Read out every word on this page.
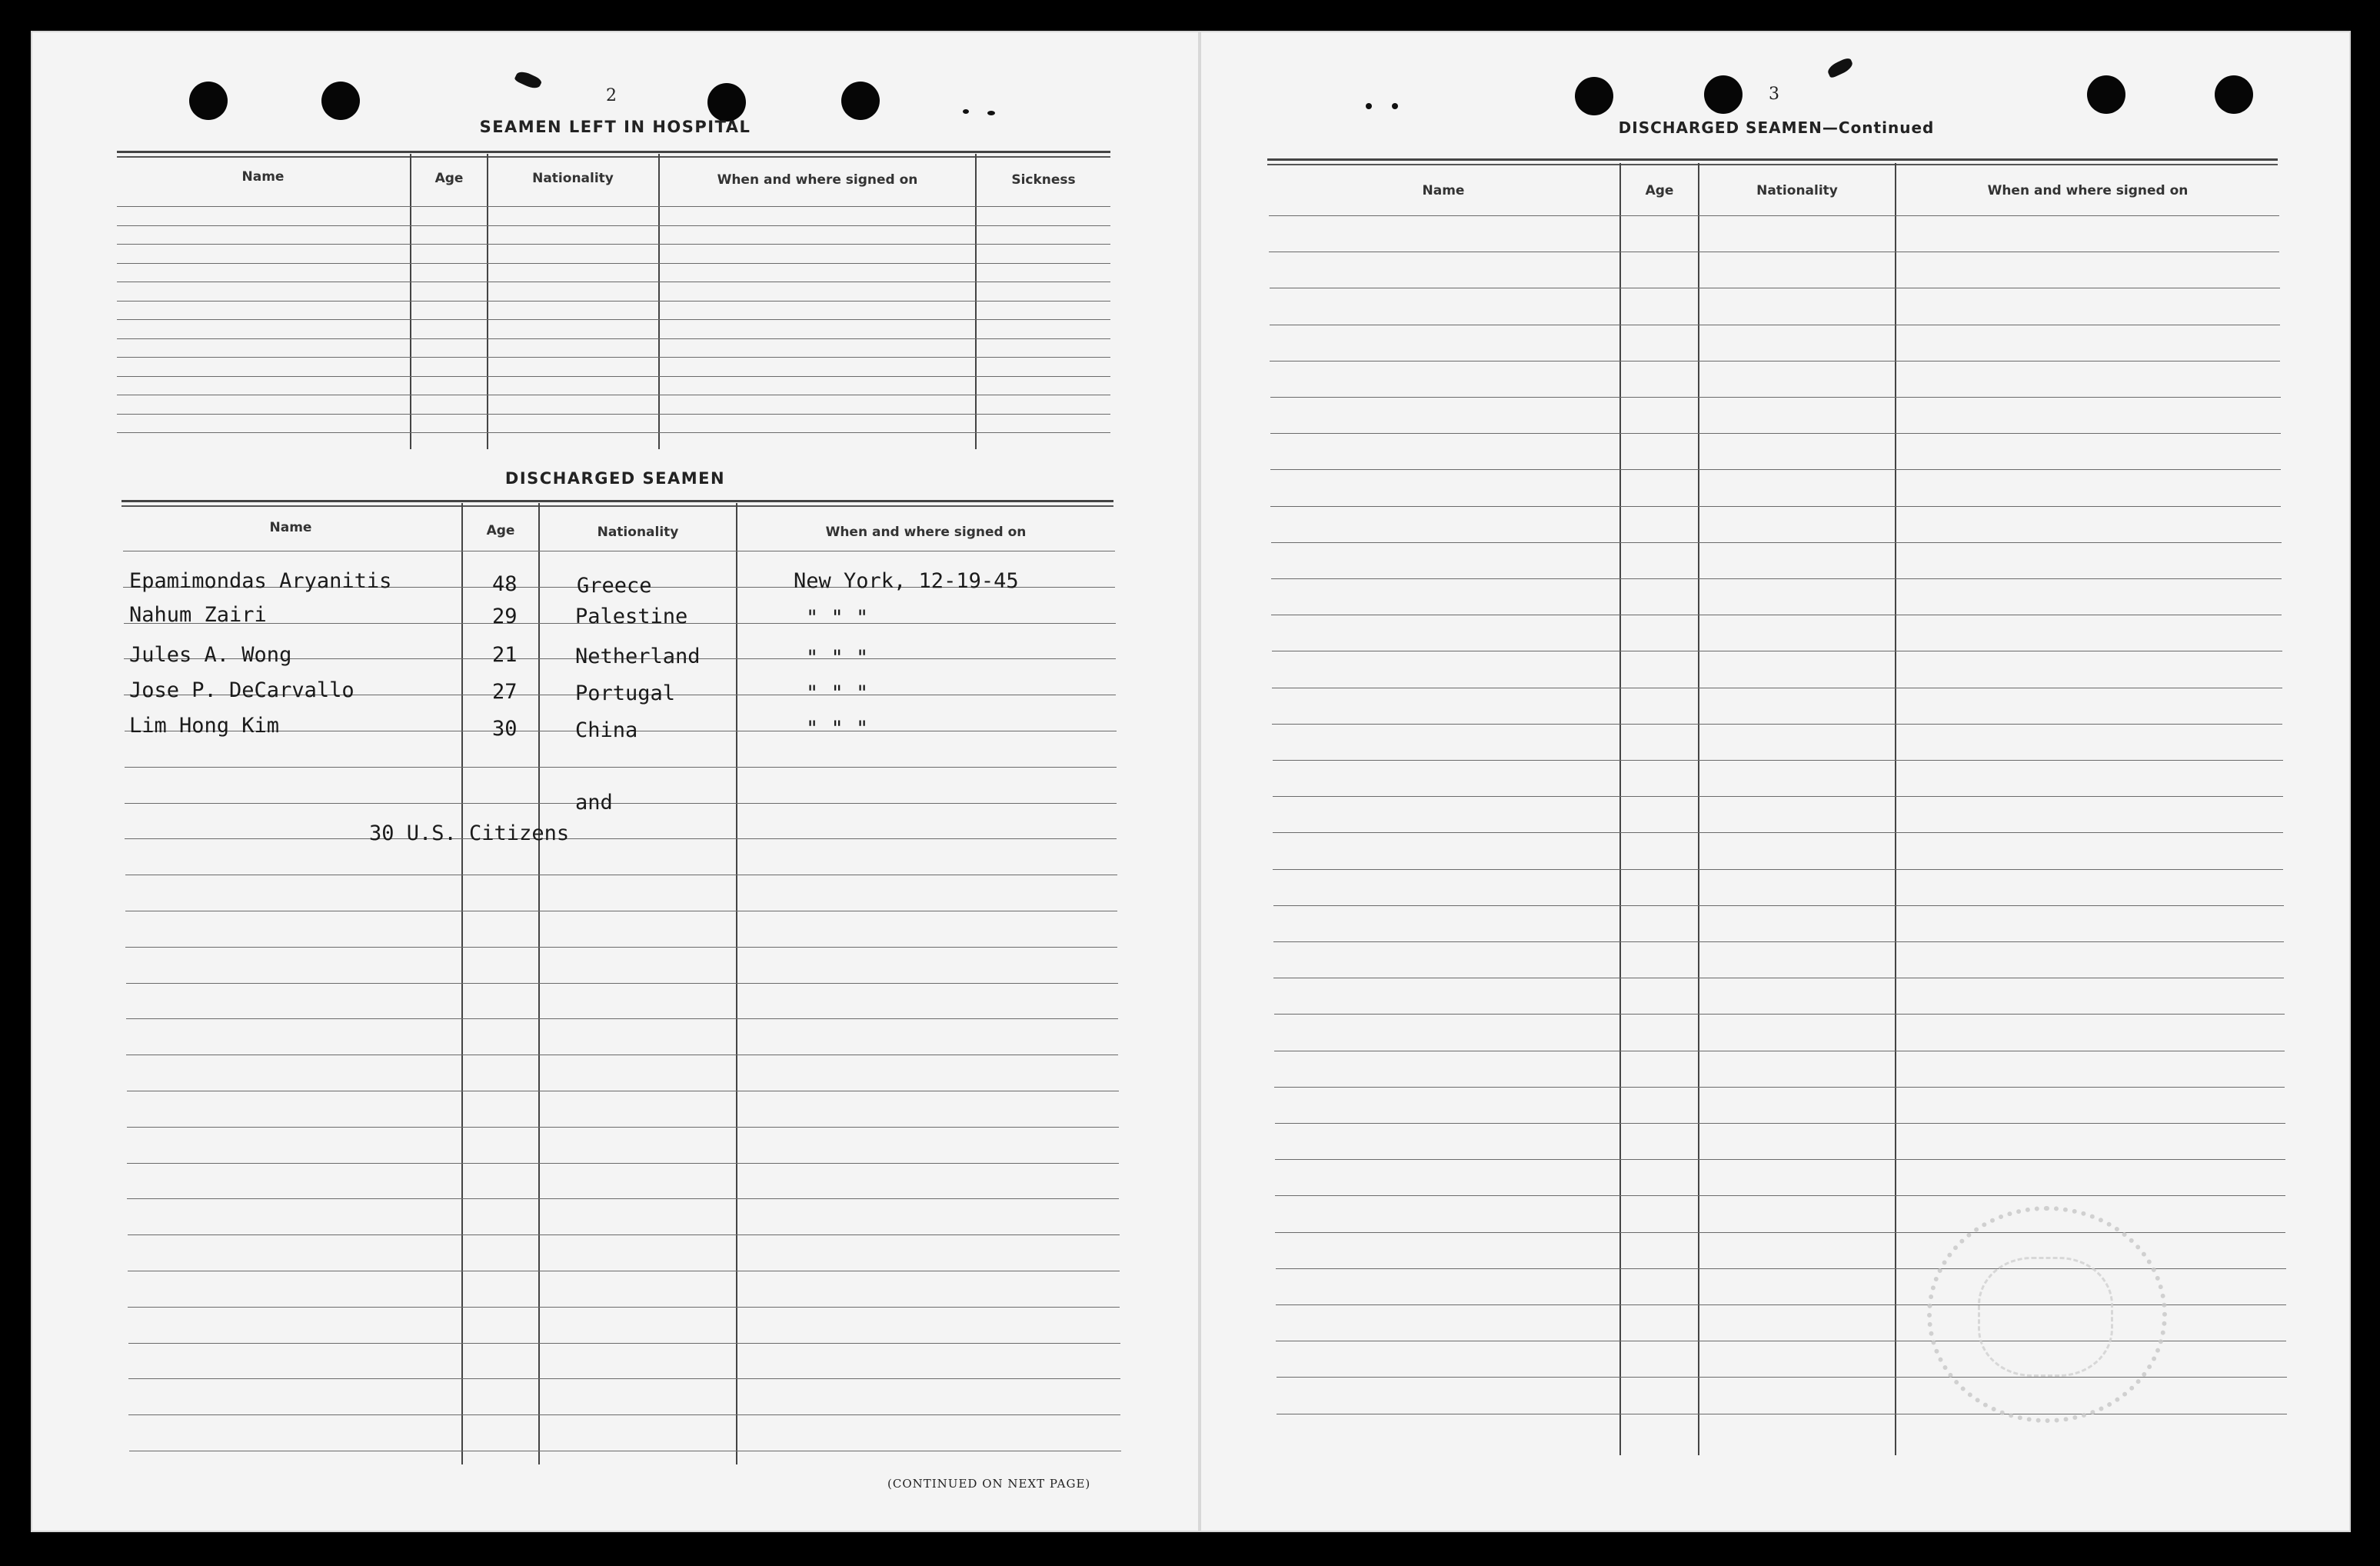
2
SEAMEN LEFT IN HOSPITAL
Name	Age	Nationality	When and where signed on	Sickness
DISCHARGED SEAMEN
Name	Age	Nationality	When and where signed on
Epamimondas Aryanitis	48	Greece	New York, 12-19-45
Nahum Zairi	29	Palestine	" " "
Jules A. Wong	21	Netherland	" " "
Jose P. DeCarvallo	27	Portugal	" " "
Lim Hong Kim	30	China	" " "
and
30 U.S. Citizens
(CONTINUED ON NEXT PAGE)
3
DISCHARGED SEAMEN—Continued
Name	Age	Nationality	When and where signed on
